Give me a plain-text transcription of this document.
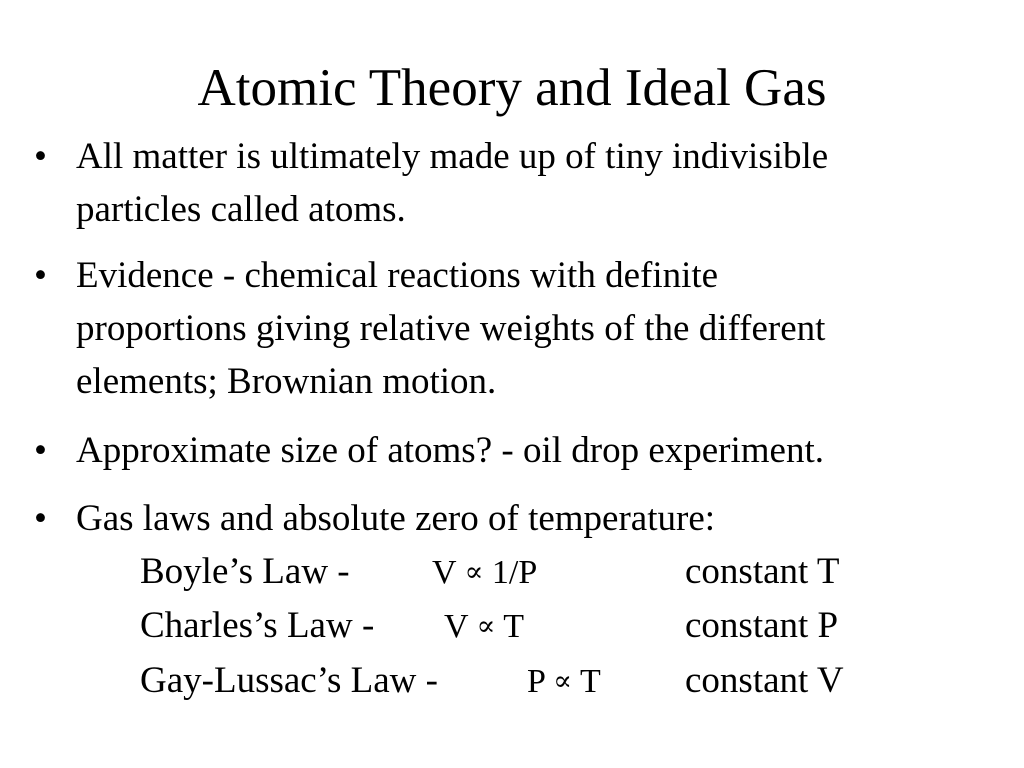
Atomic Theory and Ideal Gas
• All matter is ultimately made up of tiny indivisible
particles called atoms.
• Evidence - chemical reactions with definite
proportions giving relative weights of the different
elements; Brownian motion.
• Approximate size of atoms? - oil drop experiment.
• Gas laws and absolute zero of temperature:
Boyle’s Law - V ∝ 1/P	constant T
Charles’s Law - V ∝ T	constant P
Gay-Lussac’s Law -	P ∝ T constant V
